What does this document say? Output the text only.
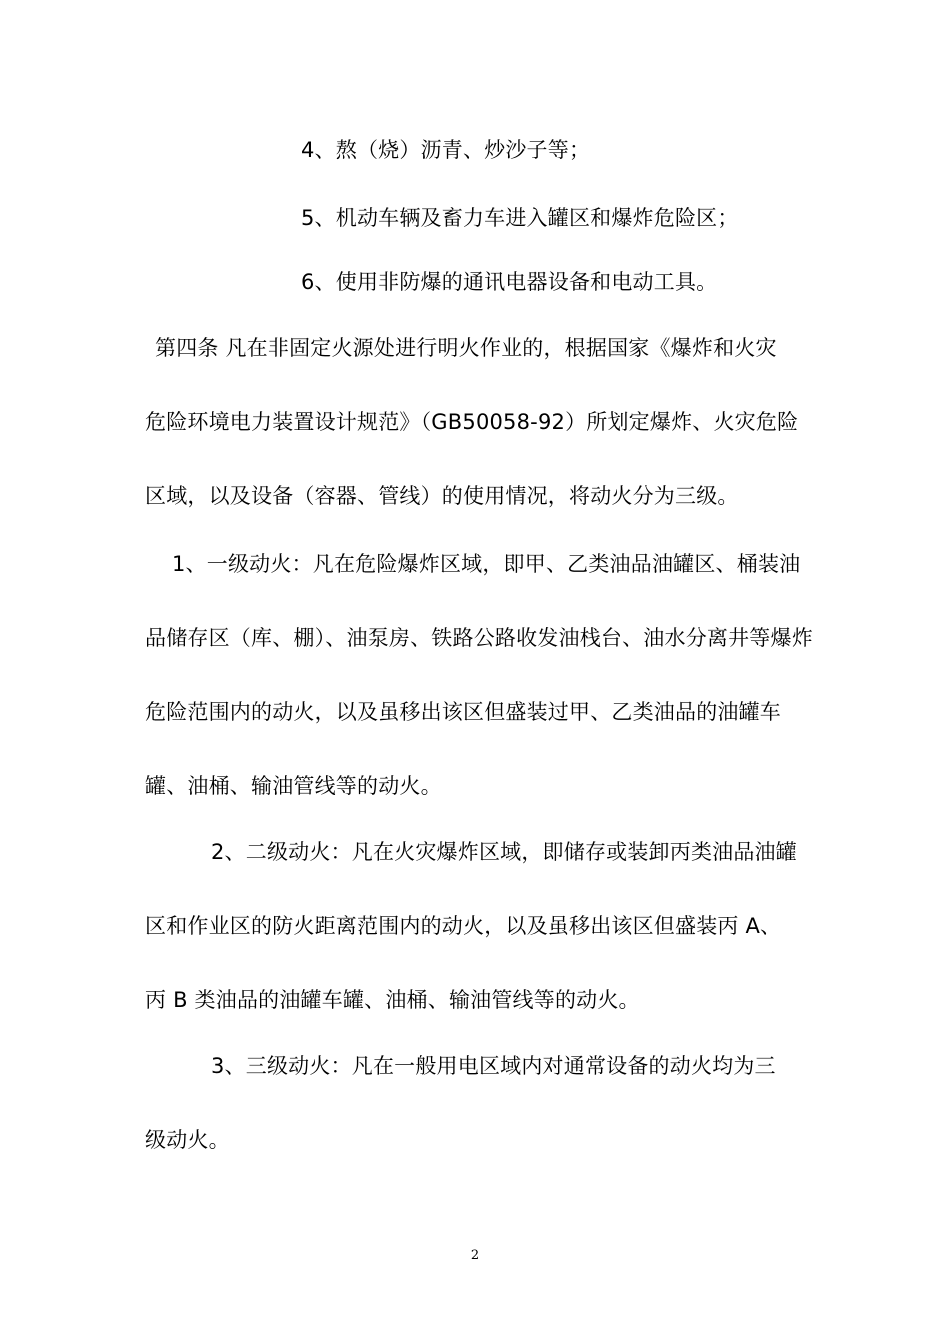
4、熬（烧）沥青、炒沙子等；
5、机动车辆及畜力车进入罐区和爆炸危险区；
6、使用非防爆的通讯电器设备和电动工具。
第四条 凡在非固定火源处进行明火作业的，根据国家《爆炸和火灾
危险环境电力装置设计规范》（GB50058-92）所划定爆炸、火灾危险
区域，以及设备（容器、管线）的使用情况，将动火分为三级。
1、一级动火：凡在危险爆炸区域，即甲、乙类油品油罐区、桶装油
品储存区（库、棚）、油泵房、铁路公路收发油栈台、油水分离井等爆炸
危险范围内的动火，以及虽移出该区但盛装过甲、乙类油品的油罐车
罐、油桶、输油管线等的动火。
2、二级动火：凡在火灾爆炸区域，即储存或装卸丙类油品油罐
区和作业区的防火距离范围内的动火，以及虽移出该区但盛装丙 A、
丙 B 类油品的油罐车罐、油桶、输油管线等的动火。
3、三级动火：凡在一般用电区域内对通常设备的动火均为三
级动火。
2
